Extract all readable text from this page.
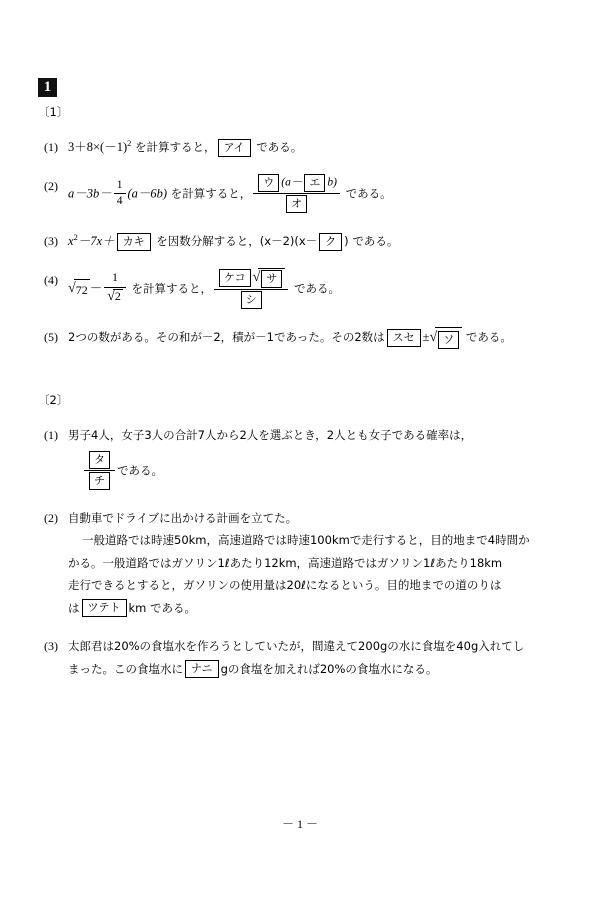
1
〔1〕
(1) $3+8\times(-1)^2$ を計算すると， アイ である。
(2)
$a-3b- \frac{1}{4} (a-6b)$ を計算すると， $\frac{\text{ウ (a－ エ b)}}{\text{オ}}$ である。
(3) $x^2-7x+$ カキ を因数分解すると，(x－2)(x－ ク ) である。
(4)
$√72 - \frac{1}{√2}$ を計算すると， $\frac{\text{ケコ √ サ}}{\text{シ}}$ である。
(5) 2つの数がある。その和が－2，積が－1であった。その2数は スセ ±√ ソ である。
〔2〕
(1) 男子4人，女子3人の合計7人から2人を選ぶとき，2人とも女子である確率は，
$\frac{\text{タ}}{\text{チ}}$ である。
(2) 自動車でドライブに出かける計画を立てた。
一般道路では時速50km，高速道路では時速100kmで走行すると，目的地まで4時間か
かる。一般道路ではガソリン1ℓあたり12km，高速道路ではガソリン1ℓあたり18km
走行できるとすると，ガソリンの使用量は20ℓになるという。目的地までの道のりは
は ツテト km である。
(3) 太郎君は20%の食塩水を作ろうとしていたが，間違えて200gの水に食塩を40g入れてし
まった。この食塩水に ナニ gの食塩を加えれば20%の食塩水になる。
－ 1 －
